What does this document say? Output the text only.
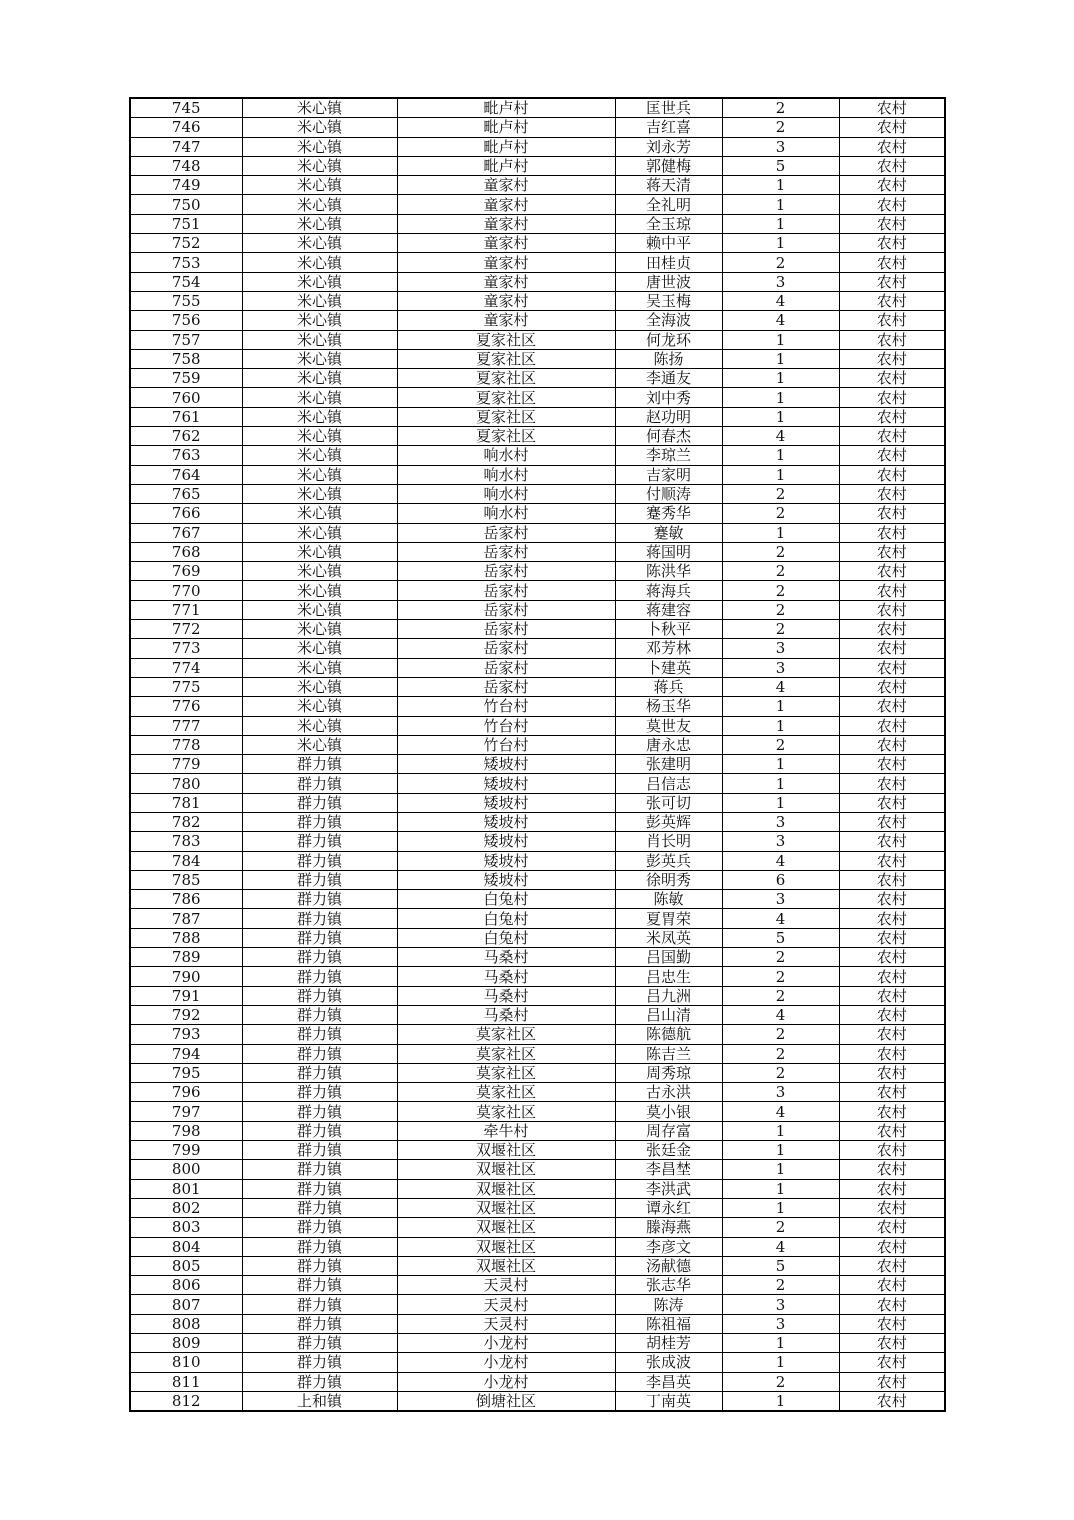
745	米心镇	毗卢村	匡世兵	2	农村
746	米心镇	毗卢村	吉红喜	2	农村
747	米心镇	毗卢村	刘永芳	3	农村
748	米心镇	毗卢村	郭健梅	5	农村
749	米心镇	童家村	蒋天清	1	农村
750	米心镇	童家村	全礼明	1	农村
751	米心镇	童家村	全玉琼	1	农村
752	米心镇	童家村	赖中平	1	农村
753	米心镇	童家村	田桂贞	2	农村
754	米心镇	童家村	唐世波	3	农村
755	米心镇	童家村	吴玉梅	4	农村
756	米心镇	童家村	全海波	4	农村
757	米心镇	夏家社区	何龙环	1	农村
758	米心镇	夏家社区	陈扬	1	农村
759	米心镇	夏家社区	李通友	1	农村
760	米心镇	夏家社区	刘中秀	1	农村
761	米心镇	夏家社区	赵功明	1	农村
762	米心镇	夏家社区	何春杰	4	农村
763	米心镇	响水村	李琼兰	1	农村
764	米心镇	响水村	吉家明	1	农村
765	米心镇	响水村	付顺涛	2	农村
766	米心镇	响水村	蹇秀华	2	农村
767	米心镇	岳家村	蹇敏	1	农村
768	米心镇	岳家村	蒋国明	2	农村
769	米心镇	岳家村	陈洪华	2	农村
770	米心镇	岳家村	蒋海兵	2	农村
771	米心镇	岳家村	蒋建容	2	农村
772	米心镇	岳家村	卜秋平	2	农村
773	米心镇	岳家村	邓芳林	3	农村
774	米心镇	岳家村	卜建英	3	农村
775	米心镇	岳家村	蒋兵	4	农村
776	米心镇	竹台村	杨玉华	1	农村
777	米心镇	竹台村	莫世友	1	农村
778	米心镇	竹台村	唐永忠	2	农村
779	群力镇	矮坡村	张建明	1	农村
780	群力镇	矮坡村	吕信志	1	农村
781	群力镇	矮坡村	张可切	1	农村
782	群力镇	矮坡村	彭英辉	3	农村
783	群力镇	矮坡村	肖长明	3	农村
784	群力镇	矮坡村	彭英兵	4	农村
785	群力镇	矮坡村	徐明秀	6	农村
786	群力镇	白兔村	陈敏	3	农村
787	群力镇	白兔村	夏胃荣	4	农村
788	群力镇	白兔村	米凤英	5	农村
789	群力镇	马桑村	吕国勤	2	农村
790	群力镇	马桑村	吕忠生	2	农村
791	群力镇	马桑村	吕九洲	2	农村
792	群力镇	马桑村	吕山清	4	农村
793	群力镇	莫家社区	陈德航	2	农村
794	群力镇	莫家社区	陈吉兰	2	农村
795	群力镇	莫家社区	周秀琼	2	农村
796	群力镇	莫家社区	古永洪	3	农村
797	群力镇	莫家社区	莫小银	4	农村
798	群力镇	牵牛村	周存富	1	农村
799	群力镇	双堰社区	张廷金	1	农村
800	群力镇	双堰社区	李昌埜	1	农村
801	群力镇	双堰社区	李洪武	1	农村
802	群力镇	双堰社区	谭永红	1	农村
803	群力镇	双堰社区	滕海燕	2	农村
804	群力镇	双堰社区	李彦文	4	农村
805	群力镇	双堰社区	汤献德	5	农村
806	群力镇	天灵村	张志华	2	农村
807	群力镇	天灵村	陈涛	3	农村
808	群力镇	天灵村	陈祖福	3	农村
809	群力镇	小龙村	胡桂芳	1	农村
810	群力镇	小龙村	张成波	1	农村
811	群力镇	小龙村	李昌英	2	农村
812	上和镇	倒塘社区	丁南英	1	农村
